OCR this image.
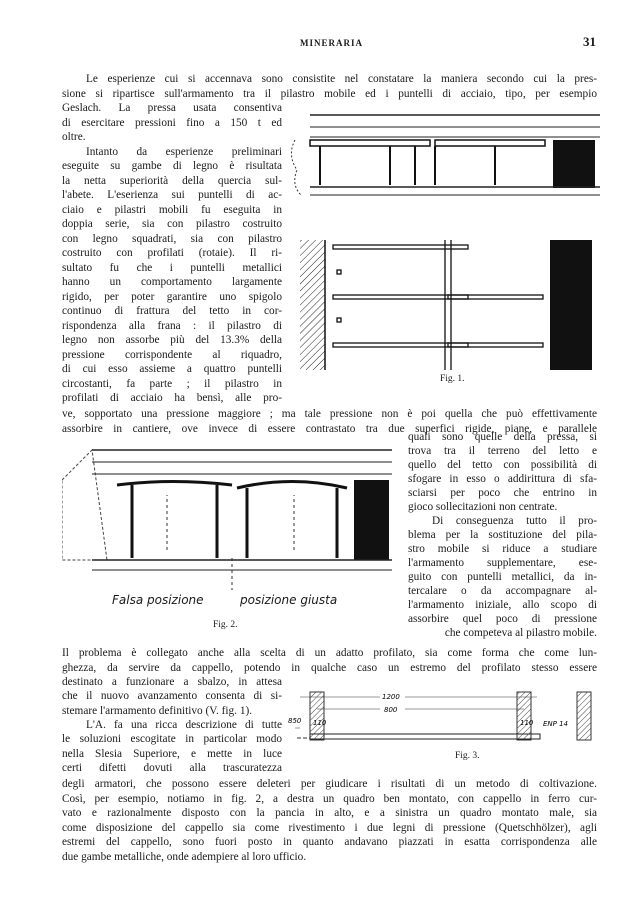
MINERARIA	31
Le esperienze cui si accennava sono consistite nel constatare la maniera secondo cui la pres-
sione si ripartisce sull'armamento tra il pilastro mobile ed i puntelli di acciaio, tipo, per esempio
Geslach. La pressa usata consentiva
di esercitare pressioni fino a 150 t ed
oltre.
Intanto da esperienze preliminari
eseguite su gambe di legno è risultata
la netta superiorità della quercia sul-
l'abete. L'eserienza sui puntelli di ac-
ciaio e pilastri mobili fu eseguita in
doppia serie, sia con pilastro costruito
con legno squadrati, sia con pilastro
costruito con profilati (rotaie). Il ri-
sultato fu che i puntelli metallici
hanno un comportamento largamente
rigido, per poter garantire uno spigolo
continuo di frattura del tetto in cor-
rispondenza alla frana : il pilastro di
legno non assorbe più del 13.3% della
pressione corrispondente al riquadro,
di cui esso assieme a quattro puntelli
circostanti, fa parte ; il pilastro in
profilati di acciaio ha bensì, alle pro-
ve, sopportato una pressione maggiore ; ma tale pressione non è poi quella che può effettivamente
assorbire in cantiere, ove invece di essere contrastato tra due superfici rigide, piane, e parallele
quali sono quelle della pressa, si
trova tra il terreno del letto e
quello del tetto con possibilità di
sfogare in esso o addirittura di sfa-
sciarsi per poco che entrino in
gioco sollecitazioni non centrate.
Di conseguenza tutto il pro-
blema per la sostituzione del pila-
stro mobile si riduce a studiare
l'armamento supplementare, ese-
guito con puntelli metallici, da in-
tercalare o da accompagnare al-
l'armamento iniziale, allo scopo di
assorbire quel poco di pressione
che competeva al pilastro mobile.
Il problema è collegato anche alla scelta di un adatto profilato, sia come forma che come lun-
ghezza, da servire da cappello, potendo in qualche caso un estremo del profilato stesso essere
destinato a funzionare a sbalzo, in attesa
che il nuovo avanzamento consenta di si-
stemare l'armamento definitivo (V. fig. 1).
L'A. fa una ricca descrizione di tutte
le soluzioni escogitate in particolar modo
nella Slesia Superiore, e mette in luce
certi difetti dovuti alla trascuratezza
degli armatori, che possono essere deleteri per giudicare i risultati di un metodo di coltivazione.
Così, per esempio, notiamo in fig. 2, a destra un quadro ben montato, con cappello in ferro cur-
vato e razionalmente disposto con la pancia in alto, e a sinistra un quadro montato male, sia
come disposizione del cappello sia come rivestimento i due legni di pressione (Quetschhölzer), agli
estremi del cappello, sono fuori posto in quanto andavano piazzati in esatta corrispondenza alle
due gambe metalliche, onde adempiere al loro ufficio.
Fig. 1.
Falsa posizione	posizione giusta
Fig. 2.
1200
800
850 110	110 ENP 14
Fig. 3.
